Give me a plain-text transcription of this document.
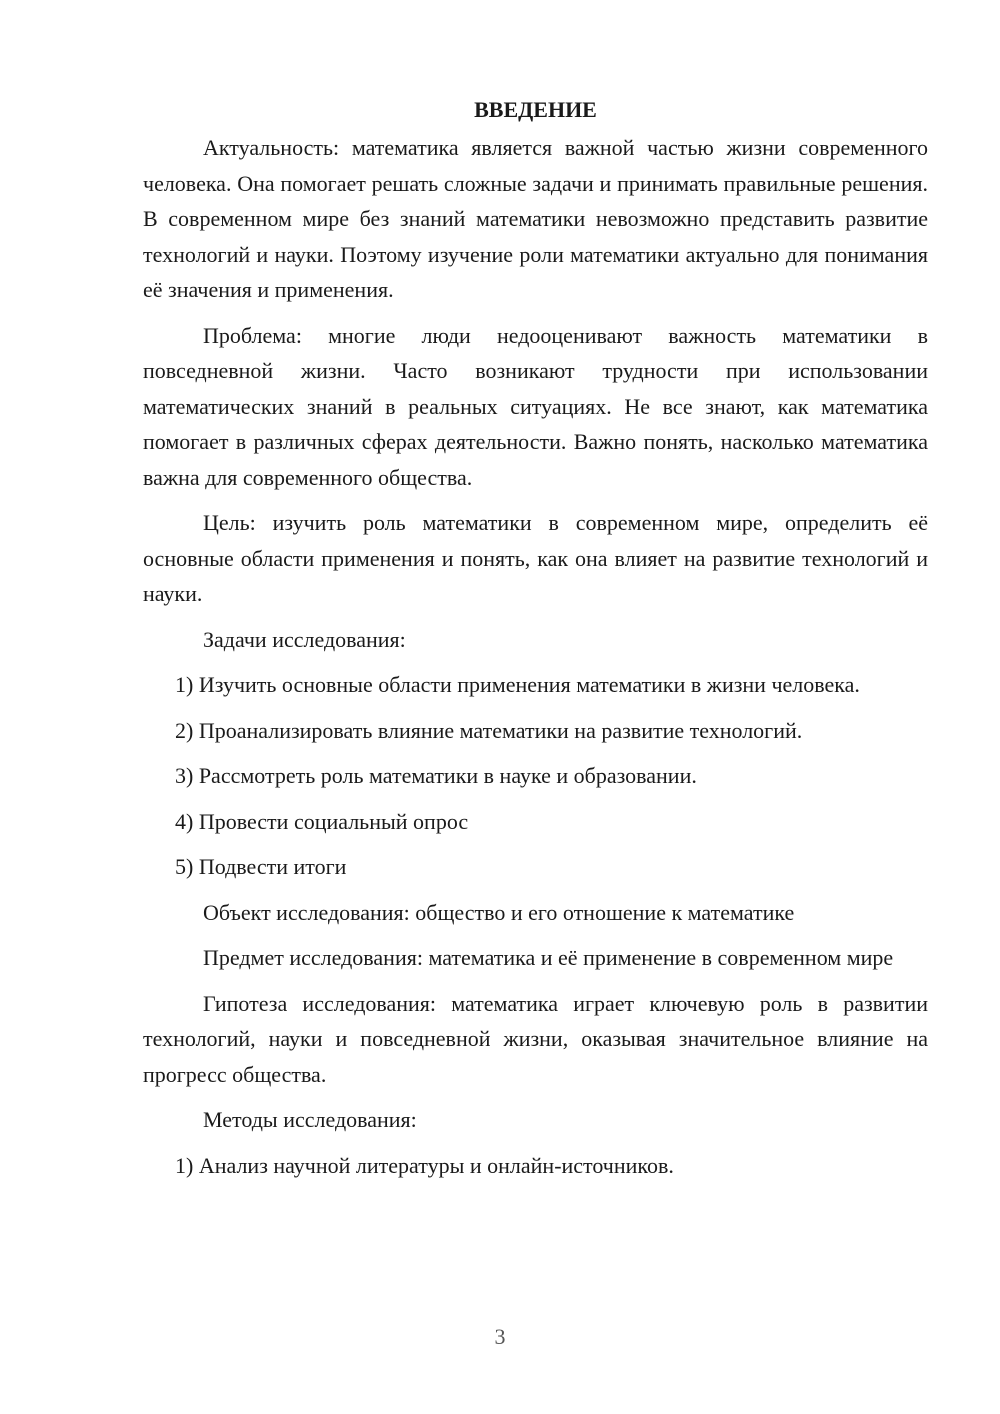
ВВЕДЕНИЕ

Актуальность: математика является важной частью жизни современного человека. Она помогает решать сложные задачи и принимать правильные решения. В современном мире без знаний математики невозможно представить развитие технологий и науки. Поэтому изучение роли математики актуально для понимания её значения и применения.

Проблема: многие люди недооценивают важность математики в повседневной жизни. Часто возникают трудности при использовании математических знаний в реальных ситуациях. Не все знают, как математика помогает в различных сферах деятельности. Важно понять, насколько математика важна для современного общества.

Цель: изучить роль математики в современном мире, определить её основные области применения и понять, как она влияет на развитие технологий и науки.

Задачи исследования:

1) Изучить основные области применения математики в жизни человека.

2) Проанализировать влияние математики на развитие технологий.

3) Рассмотреть роль математики в науке и образовании.

4) Провести социальный опрос

5) Подвести итоги

Объект исследования: общество и его отношение к математике

Предмет исследования: математика и её применение в современном мире

Гипотеза исследования: математика играет ключевую роль в развитии технологий, науки и повседневной жизни, оказывая значительное влияние на прогресс общества.

Методы исследования:

1) Анализ научной литературы и онлайн-источников.

3
